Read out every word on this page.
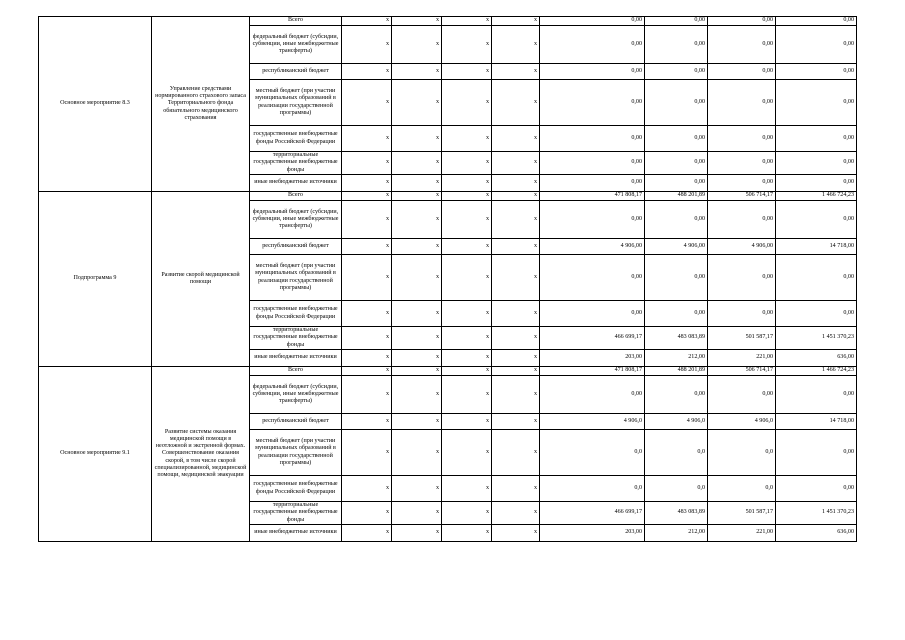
Основное мероприятие 8.3	Управление средствами нормированного страхового запаса Территориального фонда обязательного медицинского страхования	Всего	x	x	x	x	0,00	0,00	0,00	0,00
		федеральный бюджет (субсидии, субвенции, иные межбюджетные трансферты)	x	x	x	x	0,00	0,00	0,00	0,00
		республиканский бюджет	x	x	x	x	0,00	0,00	0,00	0,00
		местный бюджет (при участии муниципальных образований в реализации государственной программы)	x	x	x	x	0,00	0,00	0,00	0,00
		государственные внебюджетные фонды Российской Федерации	x	x	x	x	0,00	0,00	0,00	0,00
		территориальные государственные внебюджетные фонды	x	x	x	x	0,00	0,00	0,00	0,00
		иные внебюджетные источники	x	x	x	x	0,00	0,00	0,00	0,00
Подпрограмма 9	Развитие скорой медицинской помощи	Всего	x	x	x	x	471 808,17	488 201,89	506 714,17	1 466 724,23
		федеральный бюджет (субсидии, субвенции, иные межбюджетные трансферты)	x	x	x	x	0,00	0,00	0,00	0,00
		республиканский бюджет	x	x	x	x	4 906,00	4 906,00	4 906,00	14 718,00
		местный бюджет (при участии муниципальных образований в реализации государственной программы)	x	x	x	x	0,00	0,00	0,00	0,00
		государственные внебюджетные фонды Российской Федерации	x	x	x	x	0,00	0,00	0,00	0,00
		территориальные государственные внебюджетные фонды	x	x	x	x	466 699,17	483 083,89	501 587,17	1 451 370,23
		иные внебюджетные источники	x	x	x	x	203,00	212,00	221,00	636,00
Основное мероприятие 9.1	Развитие системы оказания медицинской помощи в неотложной и экстренной формах. Совершенствование оказания скорой, в том числе скорой специализированной, медицинской помощи, медицинской эвакуации	Всего	x	x	x	x	471 808,17	488 201,89	506 714,17	1 466 724,23
		федеральный бюджет (субсидии, субвенции, иные межбюджетные трансферты)	x	x	x	x	0,00	0,00	0,00	0,00
		республиканский бюджет	x	x	x	x	4 906,0	4 906,0	4 906,0	14 718,00
		местный бюджет (при участии муниципальных образований в реализации государственной программы)	x	x	x	x	0,0	0,0	0,0	0,00
		государственные внебюджетные фонды Российской Федерации	x	x	x	x	0,0	0,0	0,0	0,00
		территориальные государственные внебюджетные фонды	x	x	x	x	466 699,17	483 083,89	501 587,17	1 451 370,23
		иные внебюджетные источники	x	x	x	x	203,00	212,00	221,00	636,00
